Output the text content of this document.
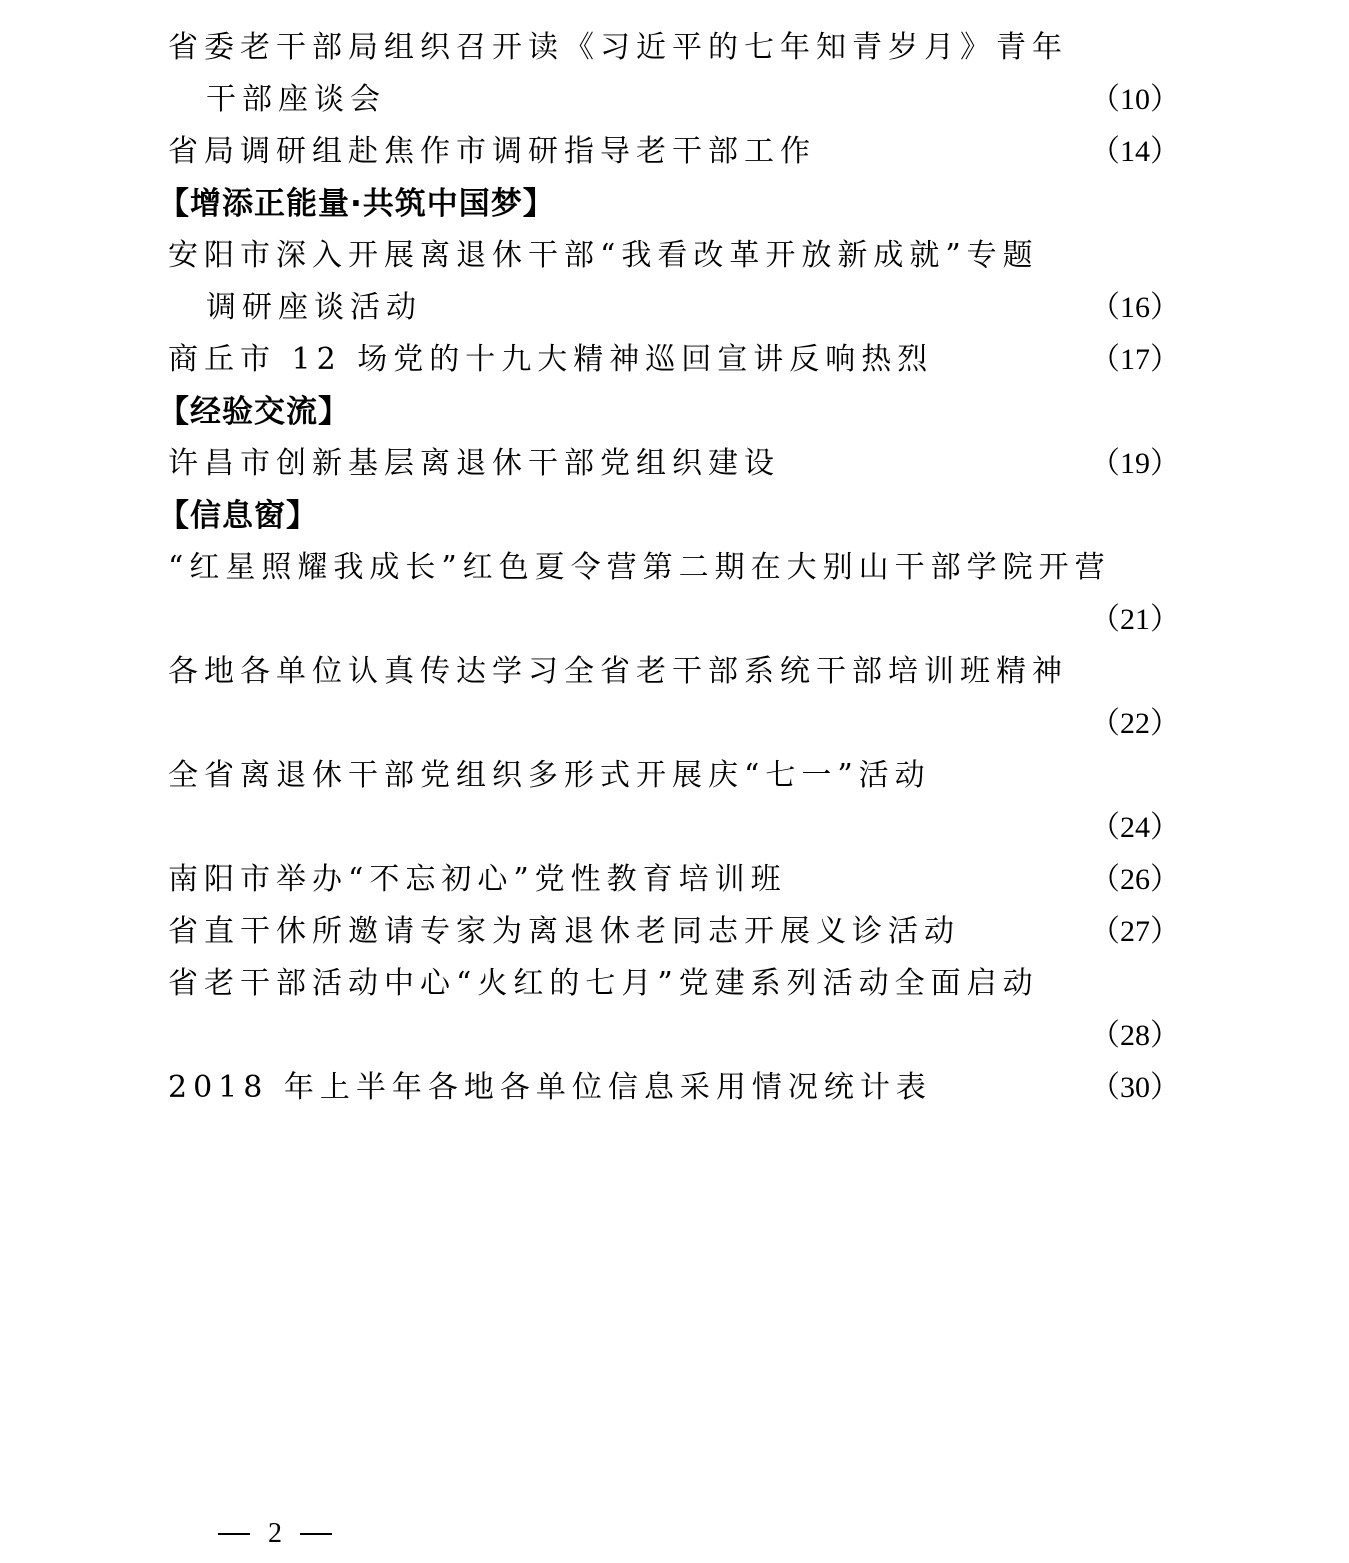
省委老干部局组织召开读《习近平的七年知青岁月》青年
干部座谈会	（10）
省局调研组赴焦作市调研指导老干部工作	（14）
【增添正能量·共筑中国梦】
安阳市深入开展离退休干部“我看改革开放新成就”专题
调研座谈活动	（16）
商丘市 12 场党的十九大精神巡回宣讲反响热烈	（17）
【经验交流】
许昌市创新基层离退休干部党组织建设	（19）
【信息窗】
“红星照耀我成长”红色夏令营第二期在大别山干部学院开营
（21）
各地各单位认真传达学习全省老干部系统干部培训班精神
（22）
全省离退休干部党组织多形式开展庆“七一”活动
（24）
南阳市举办“不忘初心”党性教育培训班	（26）
省直干休所邀请专家为离退休老同志开展义诊活动	（27）
省老干部活动中心“火红的七月”党建系列活动全面启动
（28）
2018 年上半年各地各单位信息采用情况统计表	（30）
2
